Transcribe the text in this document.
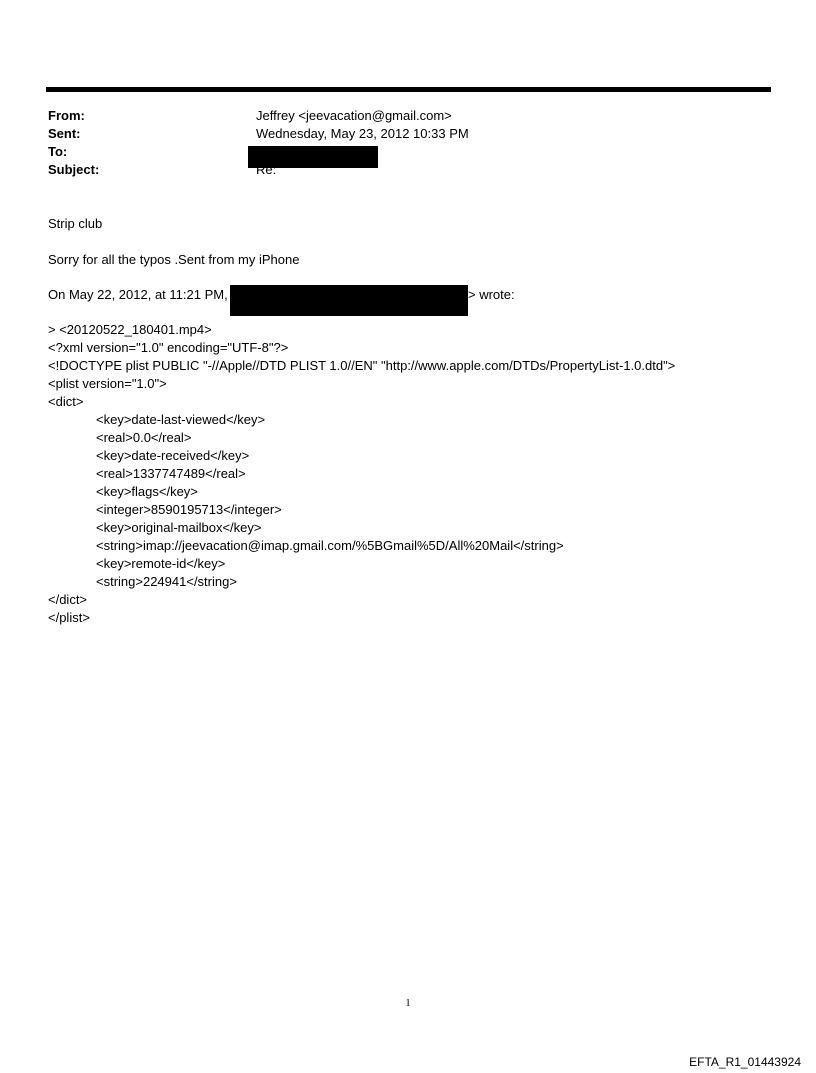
From:	Jeffrey <jeevacation@gmail.com>
Sent:	Wednesday, May 23, 2012 10:33 PM
To:
Subject:	Re:
Strip club
Sorry for all the typos .Sent from my iPhone
On May 22, 2012, at 11:21 PM,	> wrote:
> <20120522_180401.mp4>
<?xml version="1.0" encoding="UTF-8"?>
<!DOCTYPE plist PUBLIC "-//Apple//DTD PLIST 1.0//EN" "http://www.apple.com/DTDs/PropertyList-1.0.dtd">
<plist version="1.0">
<dict>
<key>date-last-viewed</key>
<real>0.0</real>
<key>date-received</key>
<real>1337747489</real>
<key>flags</key>
<integer>8590195713</integer>
<key>original-mailbox</key>
<string>imap://jeevacation@imap.gmail.com/%5BGmail%5D/All%20Mail</string>
<key>remote-id</key>
<string>224941</string>
</dict>
</plist>
1
EFTA_R1_01443924
